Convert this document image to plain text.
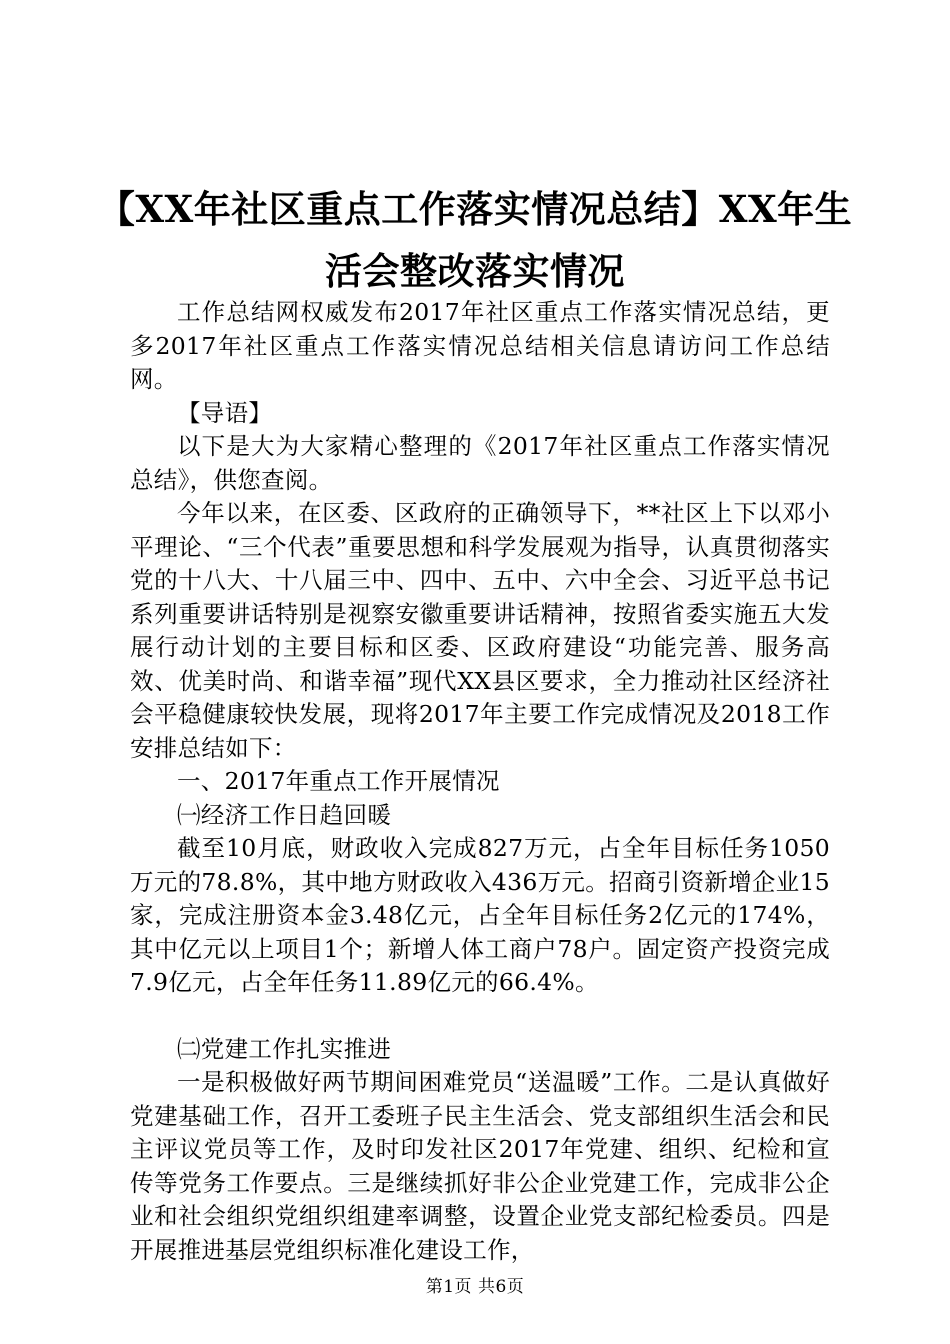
【XX年社区重点工作落实情况总结】XX年生
活会整改落实情况

工作总结网权威发布2017年社区重点工作落实情况总结，更多2017年社区重点工作落实情况总结相关信息请访问工作总结网。

【导语】

以下是大为大家精心整理的《2017年社区重点工作落实情况总结》，供您查阅。

今年以来，在区委、区政府的正确领导下，**社区上下以邓小平理论、“三个代表”重要思想和科学发展观为指导，认真贯彻落实党的十八大、十八届三中、四中、五中、六中全会、习近平总书记系列重要讲话特别是视察安徽重要讲话精神，按照省委实施五大发展行动计划的主要目标和区委、区政府建设“功能完善、服务高效、优美时尚、和谐幸福”现代XX县区要求，全力推动社区经济社会平稳健康较快发展，现将2017年主要工作完成情况及2018工作安排总结如下：

一、2017年重点工作开展情况

㈠经济工作日趋回暖

截至10月底，财政收入完成827万元，占全年目标任务1050万元的78.8%，其中地方财政收入436万元。招商引资新增企业15家，完成注册资本金3.48亿元，占全年目标任务2亿元的174%，其中亿元以上项目1个；新增人体工商户78户。固定资产投资完成7.9亿元，占全年任务11.89亿元的66.4%。

㈡党建工作扎实推进

一是积极做好两节期间困难党员“送温暖”工作。二是认真做好党建基础工作，召开工委班子民主生活会、党支部组织生活会和民主评议党员等工作，及时印发社区2017年党建、组织、纪检和宣传等党务工作要点。三是继续抓好非公企业党建工作，完成非公企业和社会组织党组织组建率调整，设置企业党支部纪检委员。四是开展推进基层党组织标准化建设工作，

第1页 共6页
